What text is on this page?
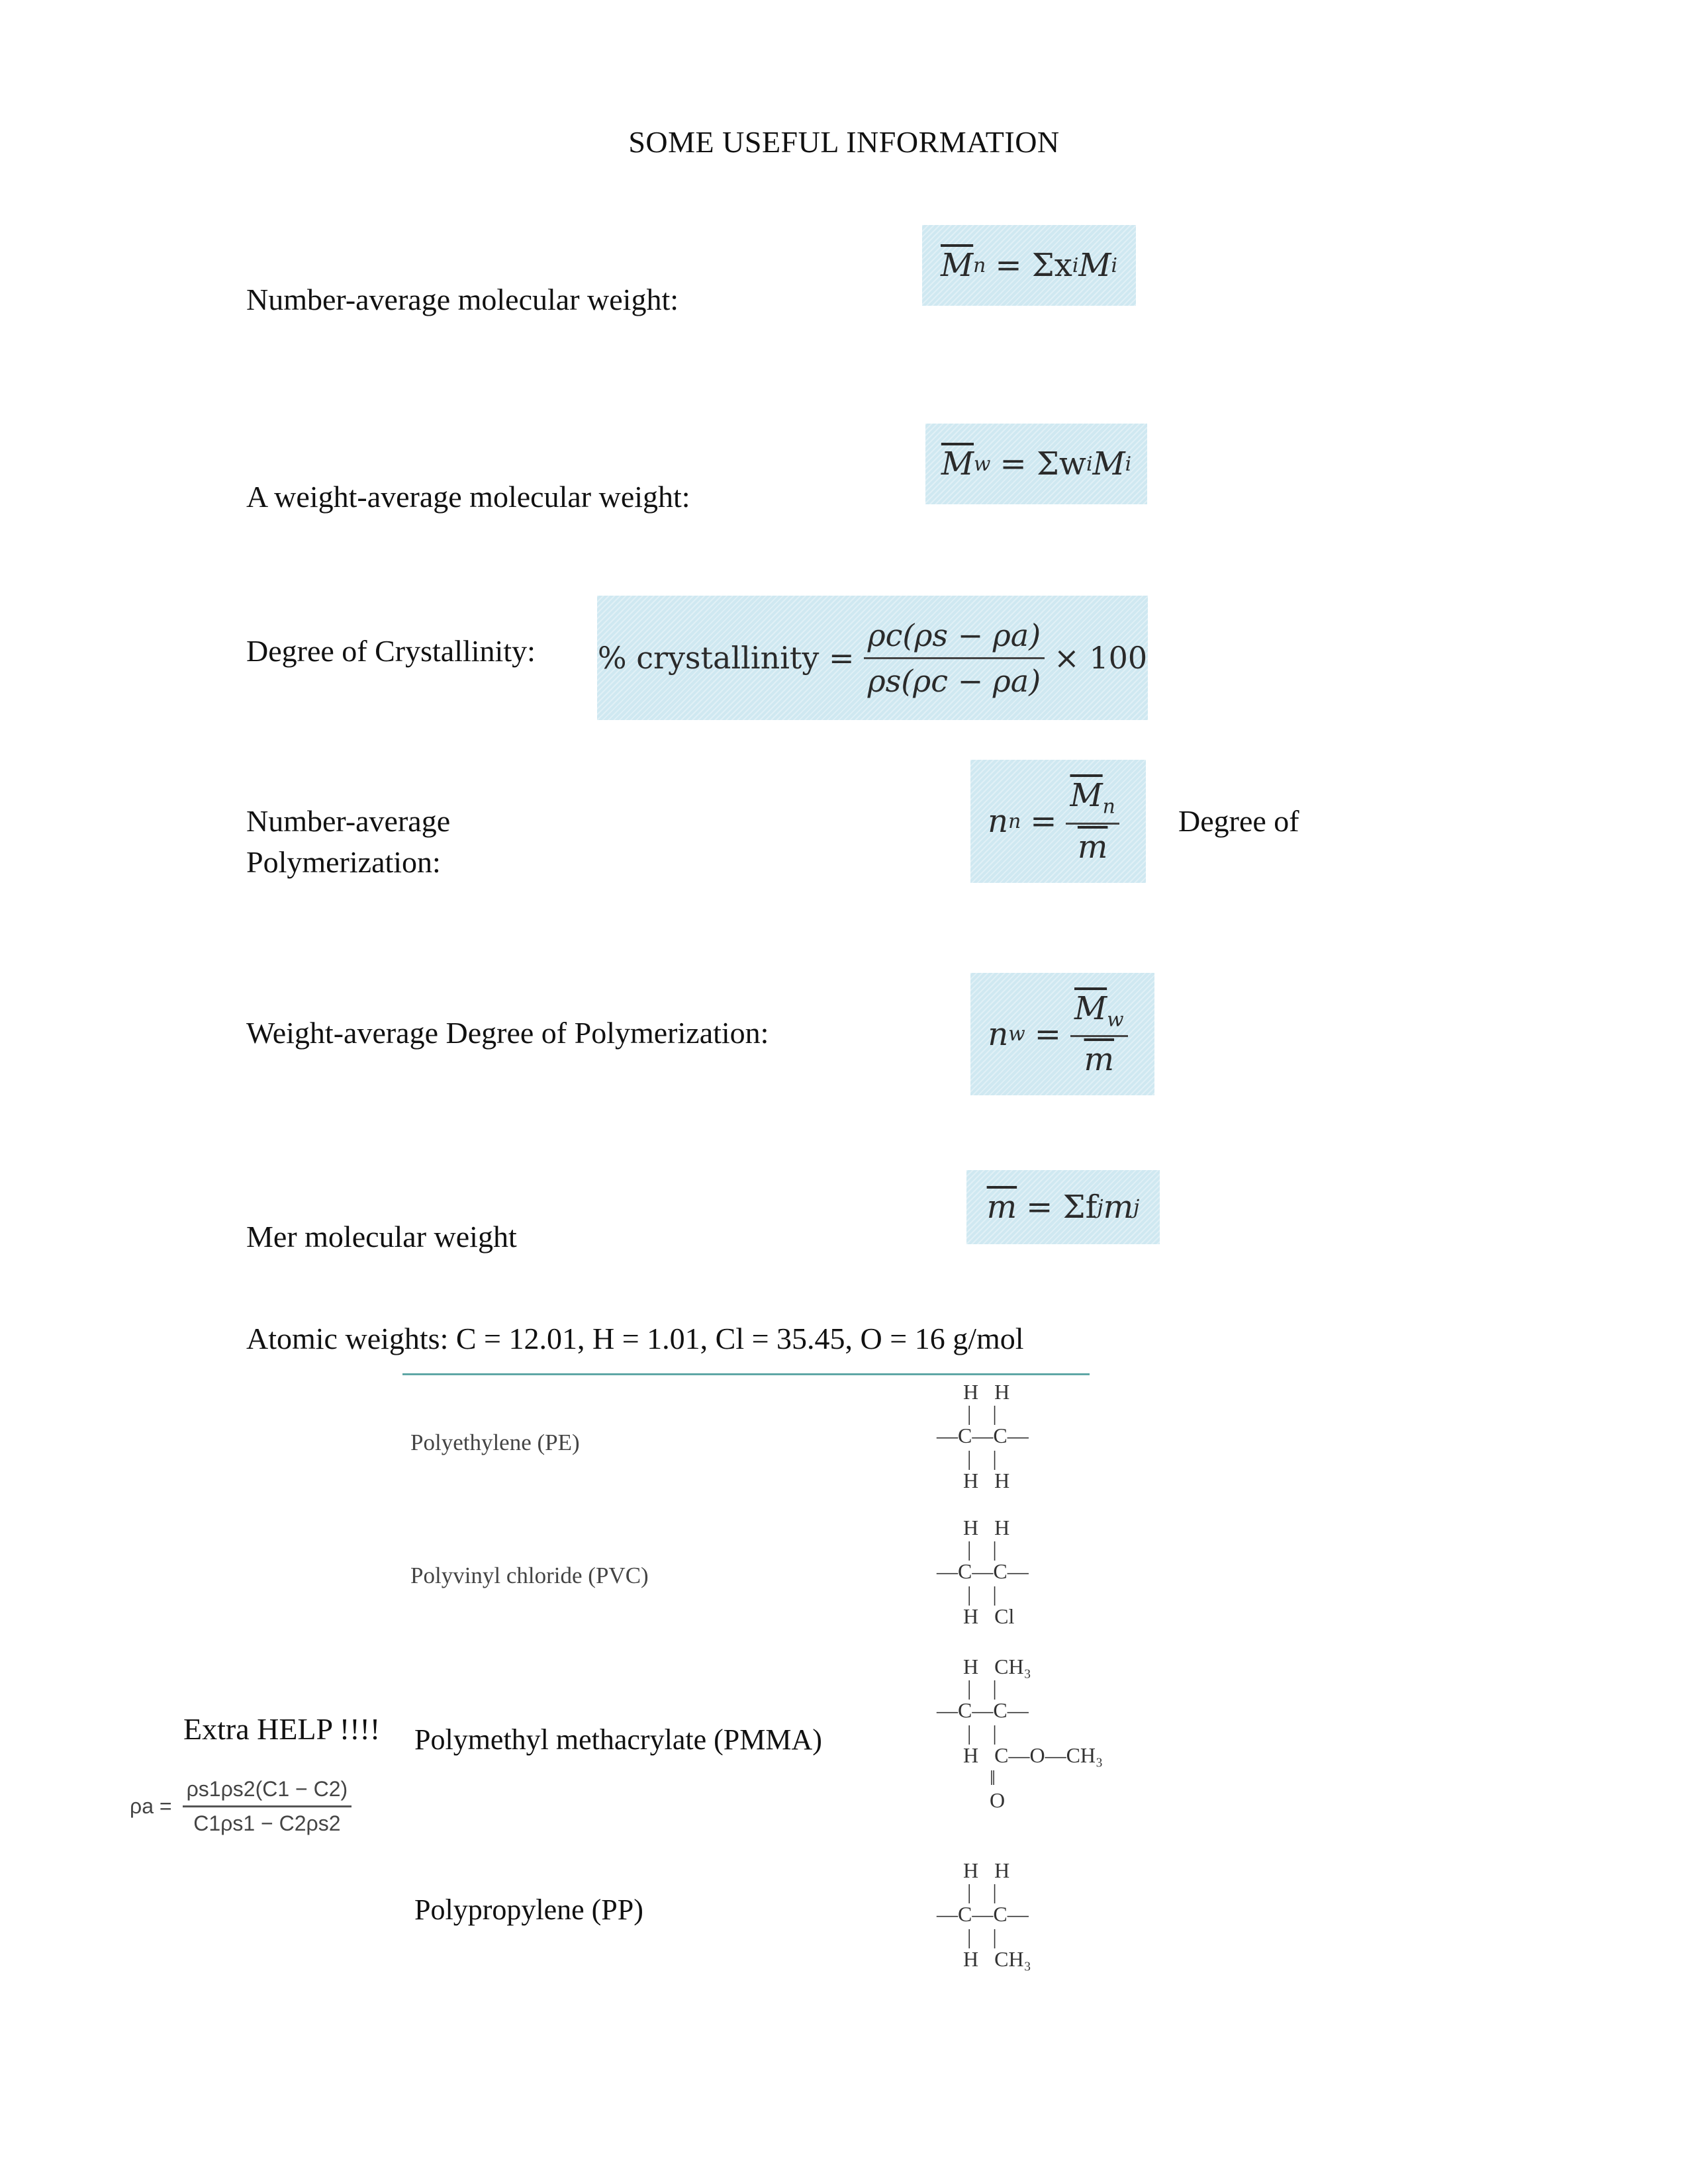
SOME USEFUL INFORMATION
Number-average molecular weight:
$\overline{M}$ n = Σx i M i
A weight-average molecular weight:
$\overline{M}$ w = Σw i M i
Degree of Crystallinity: % crystallinity = $\frac{\rho c(\rho s - \rho a)}{\rho s(\rho c - \rho a)} \times 100$
Number-average
Polymerization:
n $n = \frac{\overline{M}_n}{m}$ Degree of
Weight-average Degree of Polymerization:	n $w = \frac{\overline{M}_w}{m}$
Mer molecular weight
$\overline{m} = \Sigma f$ j m j
Atomic weights: C = 12.01, H = 1.01, Cl = 35.45, O = 16 g/mol
Polyethylene (PE)
Polyvinyl chloride (PVC)
Polymethyl methacrylate (PMMA)
Polypropylene (PP)
H   H
|    |
—C—C—
|    |
H   H
H   H
|    |
—C—C—
|    |
H   Cl
H   CH₃
|    |
—C—C—
|    |
H   C—O—CH₃
‖
O
H   H
|    |
—C—C—
|    |
H   CH₃
Extra HELP !!!!
$\rho a = \frac{\rho s1\rho s2(C1 - C2)}{C1\rho s1 - C2\rho s2}$
